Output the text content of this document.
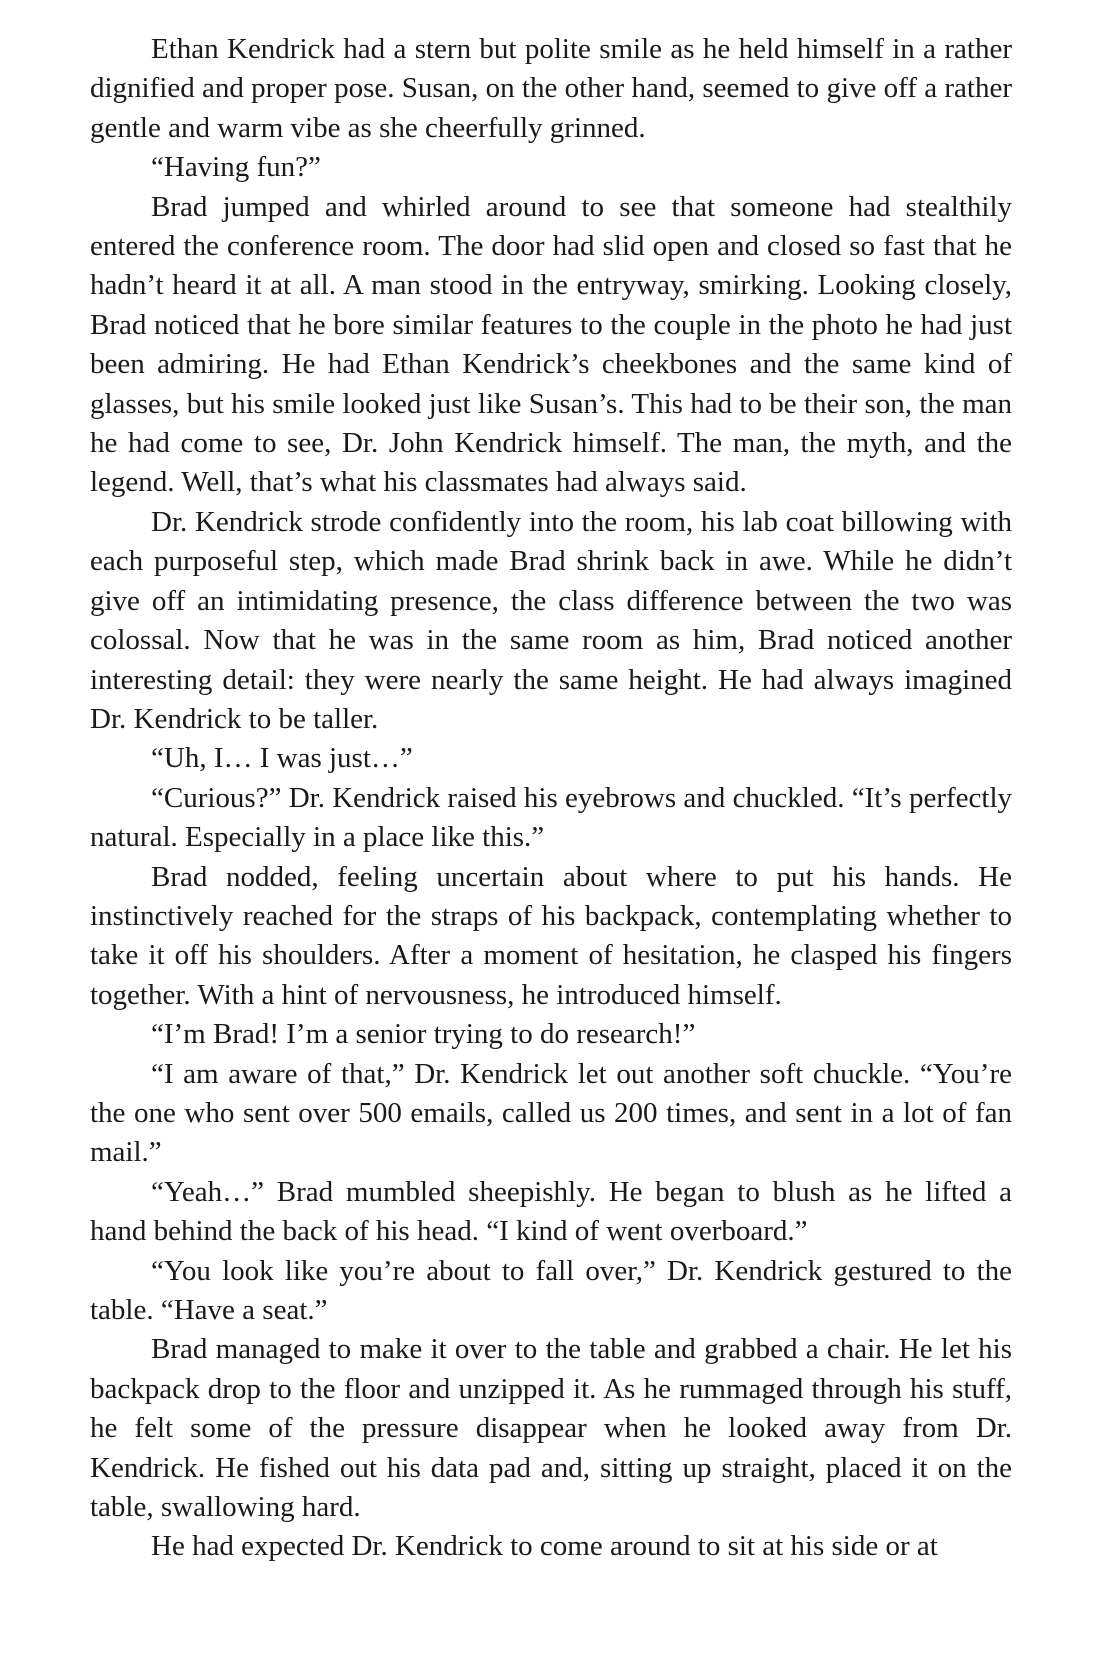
Ethan Kendrick had a stern but polite smile as he held himself in a rather dignified and proper pose. Susan, on the other hand, seemed to give off a rather gentle and warm vibe as she cheerfully grinned.

“Having fun?”

Brad jumped and whirled around to see that someone had stealthily entered the conference room. The door had slid open and closed so fast that he hadn’t heard it at all. A man stood in the entryway, smirking. Looking closely, Brad noticed that he bore similar features to the couple in the photo he had just been admiring. He had Ethan Kendrick’s cheekbones and the same kind of glasses, but his smile looked just like Susan’s. This had to be their son, the man he had come to see, Dr. John Kendrick himself. The man, the myth, and the legend. Well, that’s what his classmates had always said.

Dr. Kendrick strode confidently into the room, his lab coat billowing with each purposeful step, which made Brad shrink back in awe. While he didn’t give off an intimidating presence, the class difference between the two was colossal. Now that he was in the same room as him, Brad noticed another interesting detail: they were nearly the same height. He had always imagined Dr. Kendrick to be taller.

“Uh, I… I was just…”

“Curious?” Dr. Kendrick raised his eyebrows and chuckled. “It’s perfectly natural. Especially in a place like this.”

Brad nodded, feeling uncertain about where to put his hands. He instinctively reached for the straps of his backpack, contemplating whether to take it off his shoulders. After a moment of hesitation, he clasped his fingers together. With a hint of nervousness, he introduced himself.

“I’m Brad! I’m a senior trying to do research!”

“I am aware of that,” Dr. Kendrick let out another soft chuckle. “You’re the one who sent over 500 emails, called us 200 times, and sent in a lot of fan mail.”

“Yeah…” Brad mumbled sheepishly. He began to blush as he lifted a hand behind the back of his head. “I kind of went overboard.”

“You look like you’re about to fall over,” Dr. Kendrick gestured to the table. “Have a seat.”

Brad managed to make it over to the table and grabbed a chair. He let his backpack drop to the floor and unzipped it. As he rummaged through his stuff, he felt some of the pressure disappear when he looked away from Dr. Kendrick. He fished out his data pad and, sitting up straight, placed it on the table, swallowing hard.

He had expected Dr. Kendrick to come around to sit at his side or at
